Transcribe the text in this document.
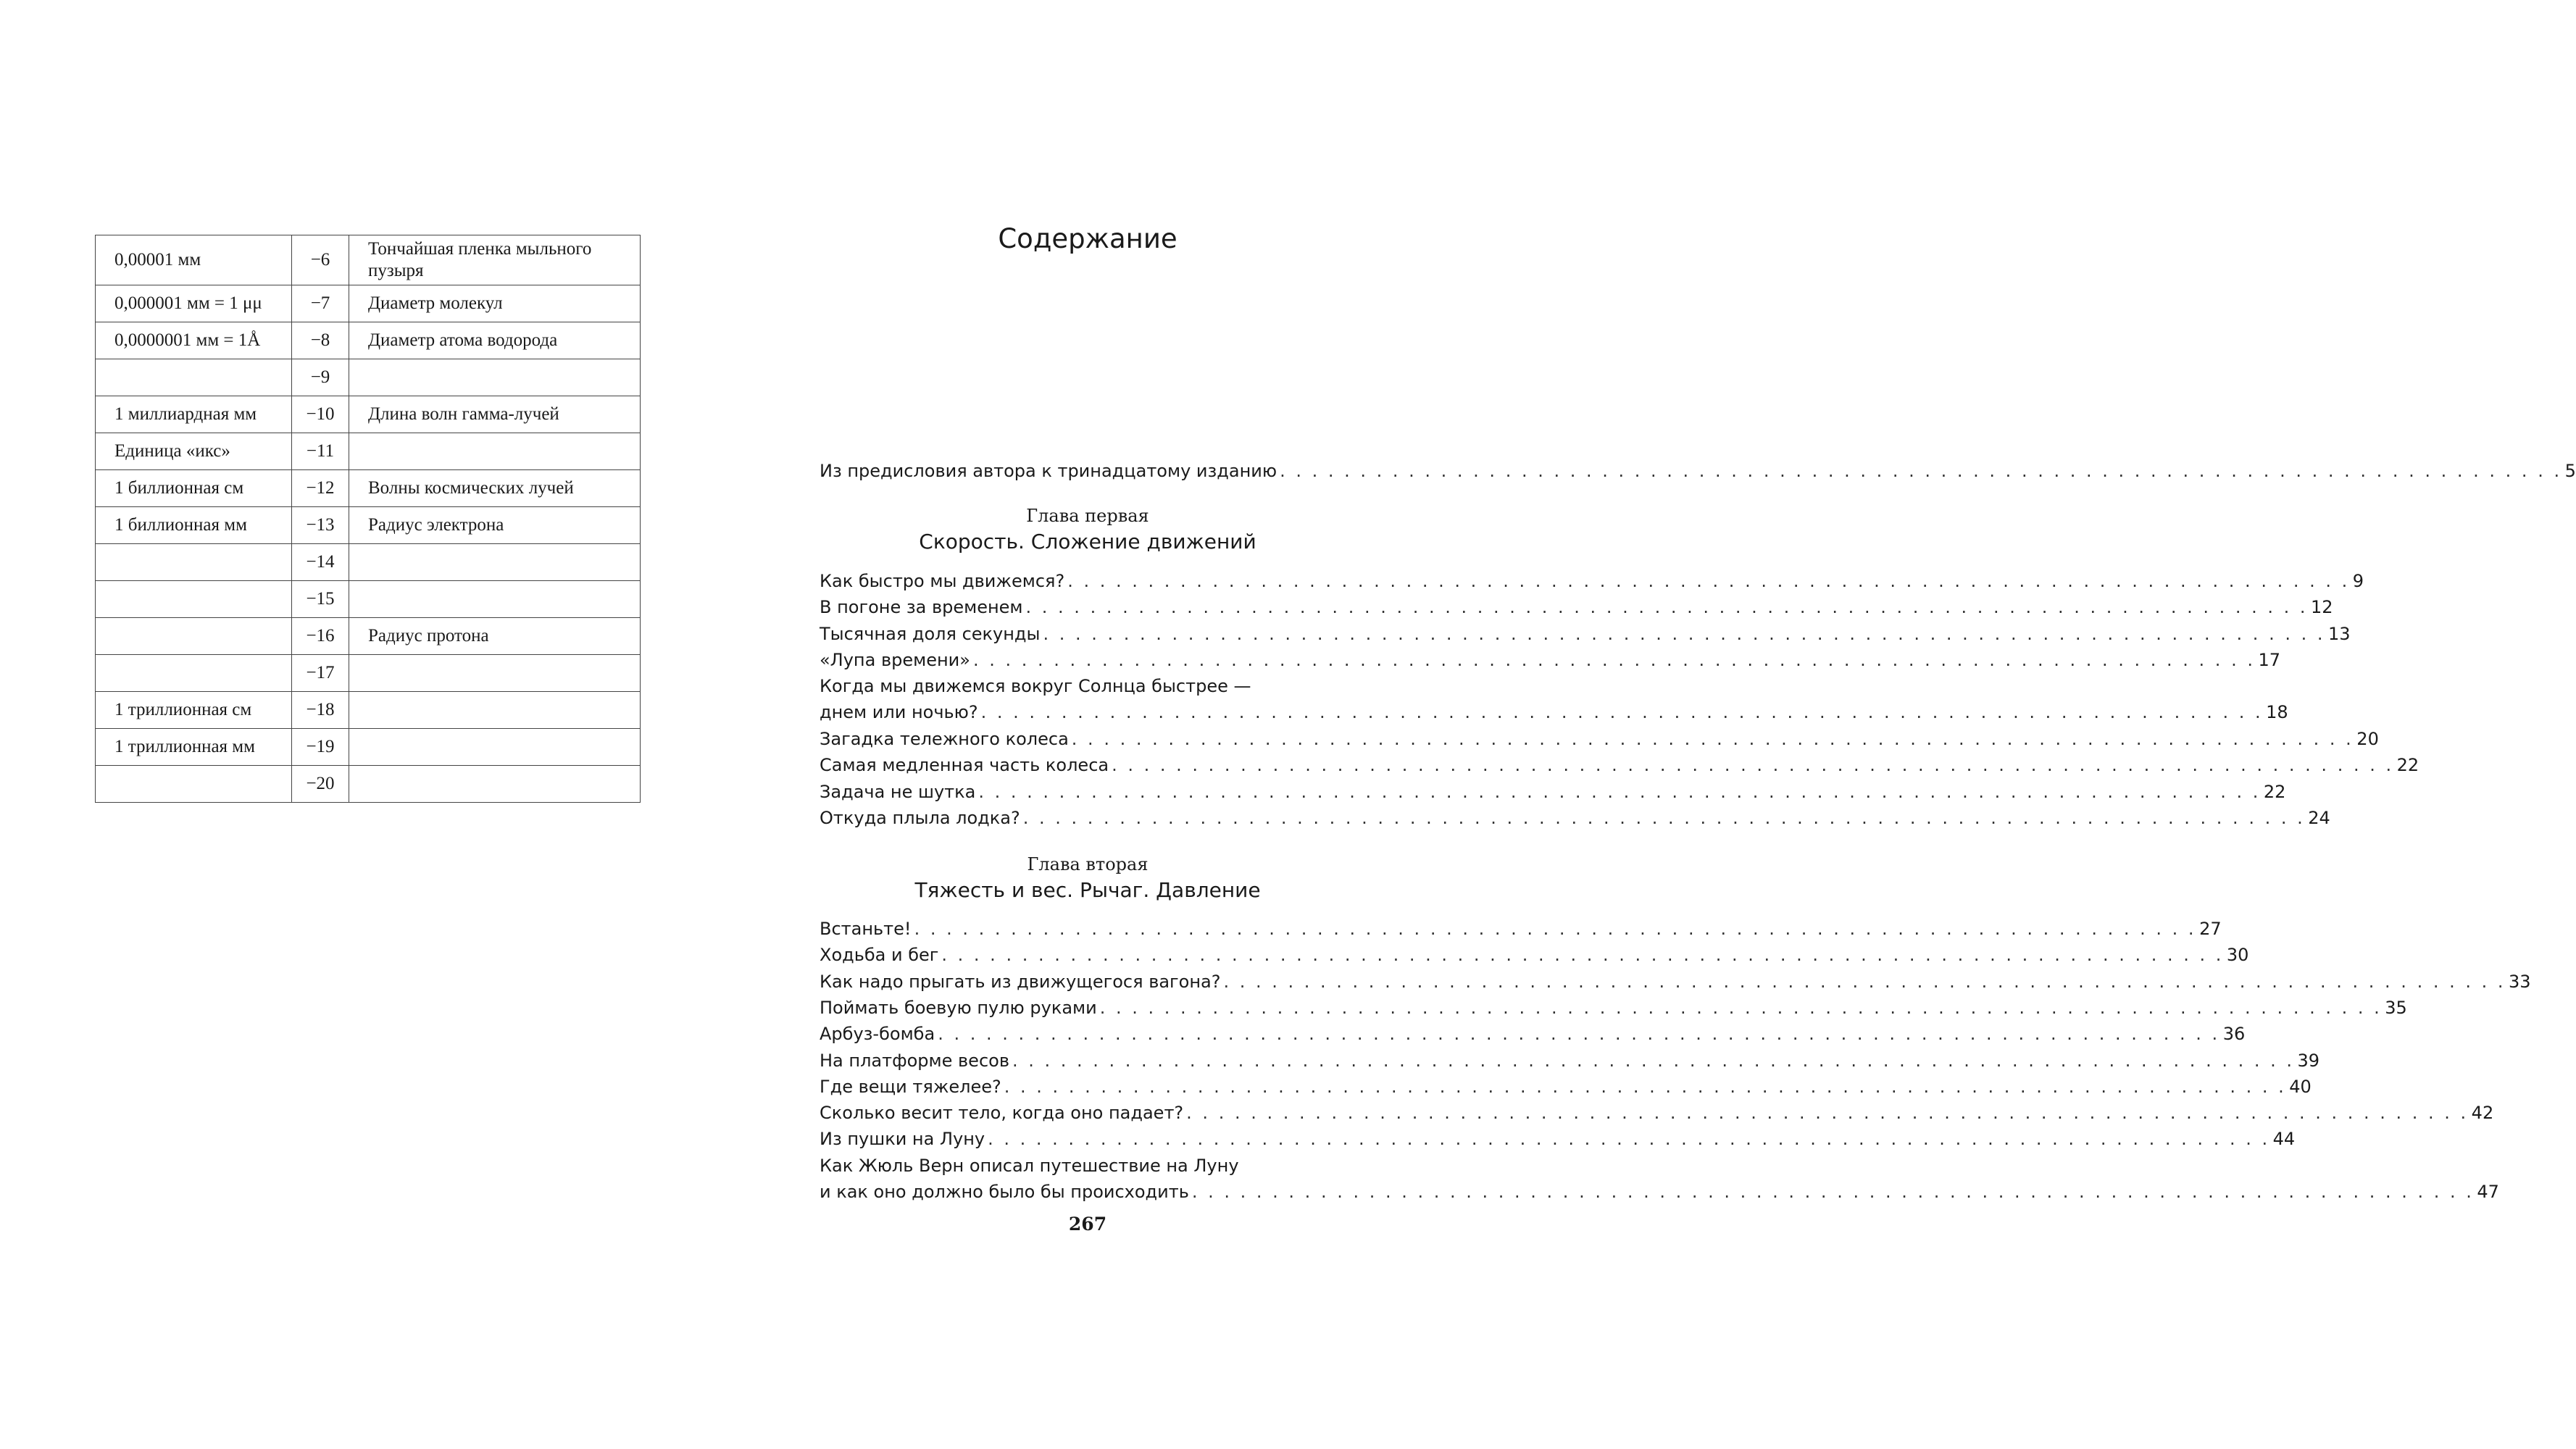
0,00001 мм	−6	Тончайшая пленка мыльного пузыря
0,000001 мм = 1 μμ	−7	Диаметр молекул
0,0000001 мм = 1Å	−8	Диаметр атома водорода
	−9	
1 миллиардная мм	−10	Длина волн гамма-лучей
Единица «икс»	−11	
1 биллионная см	−12	Волны космических лучей
1 биллионная мм	−13	Радиус электрона
	−14	
	−15	
	−16	Радиус протона
	−17	
1 триллионная см	−18	
1 триллионная мм	−19	
	−20	
Содержание
Из предисловия автора к тринадцатому изданию . . . . . . . . . . . . . . . . . . . . . . . . . . . . . . . . . . . . . . . . . . . . . . . . . . . . . . . . . . . . . . . . . . . . . . . . . . . . . . . . 5
Глава первая
Скорость. Сложение движений
Как быстро мы движемся? . . . . . . . . . . . . . . . . . . . . . . . . . . . . . . . . . . . . . . . . . . . . . . . . . . . . . . . . . . . . . . . . . . . . . . . . . . . . . . . . 9
В погоне за временем . . . . . . . . . . . . . . . . . . . . . . . . . . . . . . . . . . . . . . . . . . . . . . . . . . . . . . . . . . . . . . . . . . . . . . . . . . . . . . . . 12
Тысячная доля секунды . . . . . . . . . . . . . . . . . . . . . . . . . . . . . . . . . . . . . . . . . . . . . . . . . . . . . . . . . . . . . . . . . . . . . . . . . . . . . . . . 13
«Лупа времени» . . . . . . . . . . . . . . . . . . . . . . . . . . . . . . . . . . . . . . . . . . . . . . . . . . . . . . . . . . . . . . . . . . . . . . . . . . . . . . . . 17
Когда мы движемся вокруг Солнца быстрее —
днем или ночью? . . . . . . . . . . . . . . . . . . . . . . . . . . . . . . . . . . . . . . . . . . . . . . . . . . . . . . . . . . . . . . . . . . . . . . . . . . . . . . . . 18
Загадка тележного колеса . . . . . . . . . . . . . . . . . . . . . . . . . . . . . . . . . . . . . . . . . . . . . . . . . . . . . . . . . . . . . . . . . . . . . . . . . . . . . . . . 20
Самая медленная часть колеса . . . . . . . . . . . . . . . . . . . . . . . . . . . . . . . . . . . . . . . . . . . . . . . . . . . . . . . . . . . . . . . . . . . . . . . . . . . . . . . . 22
Задача не шутка . . . . . . . . . . . . . . . . . . . . . . . . . . . . . . . . . . . . . . . . . . . . . . . . . . . . . . . . . . . . . . . . . . . . . . . . . . . . . . . . 22
Откуда плыла лодка? . . . . . . . . . . . . . . . . . . . . . . . . . . . . . . . . . . . . . . . . . . . . . . . . . . . . . . . . . . . . . . . . . . . . . . . . . . . . . . . . 24
Глава вторая
Тяжесть и вес. Рычаг. Давление
Встаньте! . . . . . . . . . . . . . . . . . . . . . . . . . . . . . . . . . . . . . . . . . . . . . . . . . . . . . . . . . . . . . . . . . . . . . . . . . . . . . . . . 27
Ходьба и бег . . . . . . . . . . . . . . . . . . . . . . . . . . . . . . . . . . . . . . . . . . . . . . . . . . . . . . . . . . . . . . . . . . . . . . . . . . . . . . . . 30
Как надо прыгать из движущегося вагона? . . . . . . . . . . . . . . . . . . . . . . . . . . . . . . . . . . . . . . . . . . . . . . . . . . . . . . . . . . . . . . . . . . . . . . . . . . . . . . . . 33
Поймать боевую пулю руками . . . . . . . . . . . . . . . . . . . . . . . . . . . . . . . . . . . . . . . . . . . . . . . . . . . . . . . . . . . . . . . . . . . . . . . . . . . . . . . . 35
Арбуз-бомба . . . . . . . . . . . . . . . . . . . . . . . . . . . . . . . . . . . . . . . . . . . . . . . . . . . . . . . . . . . . . . . . . . . . . . . . . . . . . . . . 36
На платформе весов . . . . . . . . . . . . . . . . . . . . . . . . . . . . . . . . . . . . . . . . . . . . . . . . . . . . . . . . . . . . . . . . . . . . . . . . . . . . . . . . 39
Где вещи тяжелее? . . . . . . . . . . . . . . . . . . . . . . . . . . . . . . . . . . . . . . . . . . . . . . . . . . . . . . . . . . . . . . . . . . . . . . . . . . . . . . . . 40
Сколько весит тело, когда оно падает? . . . . . . . . . . . . . . . . . . . . . . . . . . . . . . . . . . . . . . . . . . . . . . . . . . . . . . . . . . . . . . . . . . . . . . . . . . . . . . . . 42
Из пушки на Луну . . . . . . . . . . . . . . . . . . . . . . . . . . . . . . . . . . . . . . . . . . . . . . . . . . . . . . . . . . . . . . . . . . . . . . . . . . . . . . . . 44
Как Жюль Верн описал путешествие на Луну
и как оно должно было бы происходить . . . . . . . . . . . . . . . . . . . . . . . . . . . . . . . . . . . . . . . . . . . . . . . . . . . . . . . . . . . . . . . . . . . . . . . . . . . . . . . . 47
267
